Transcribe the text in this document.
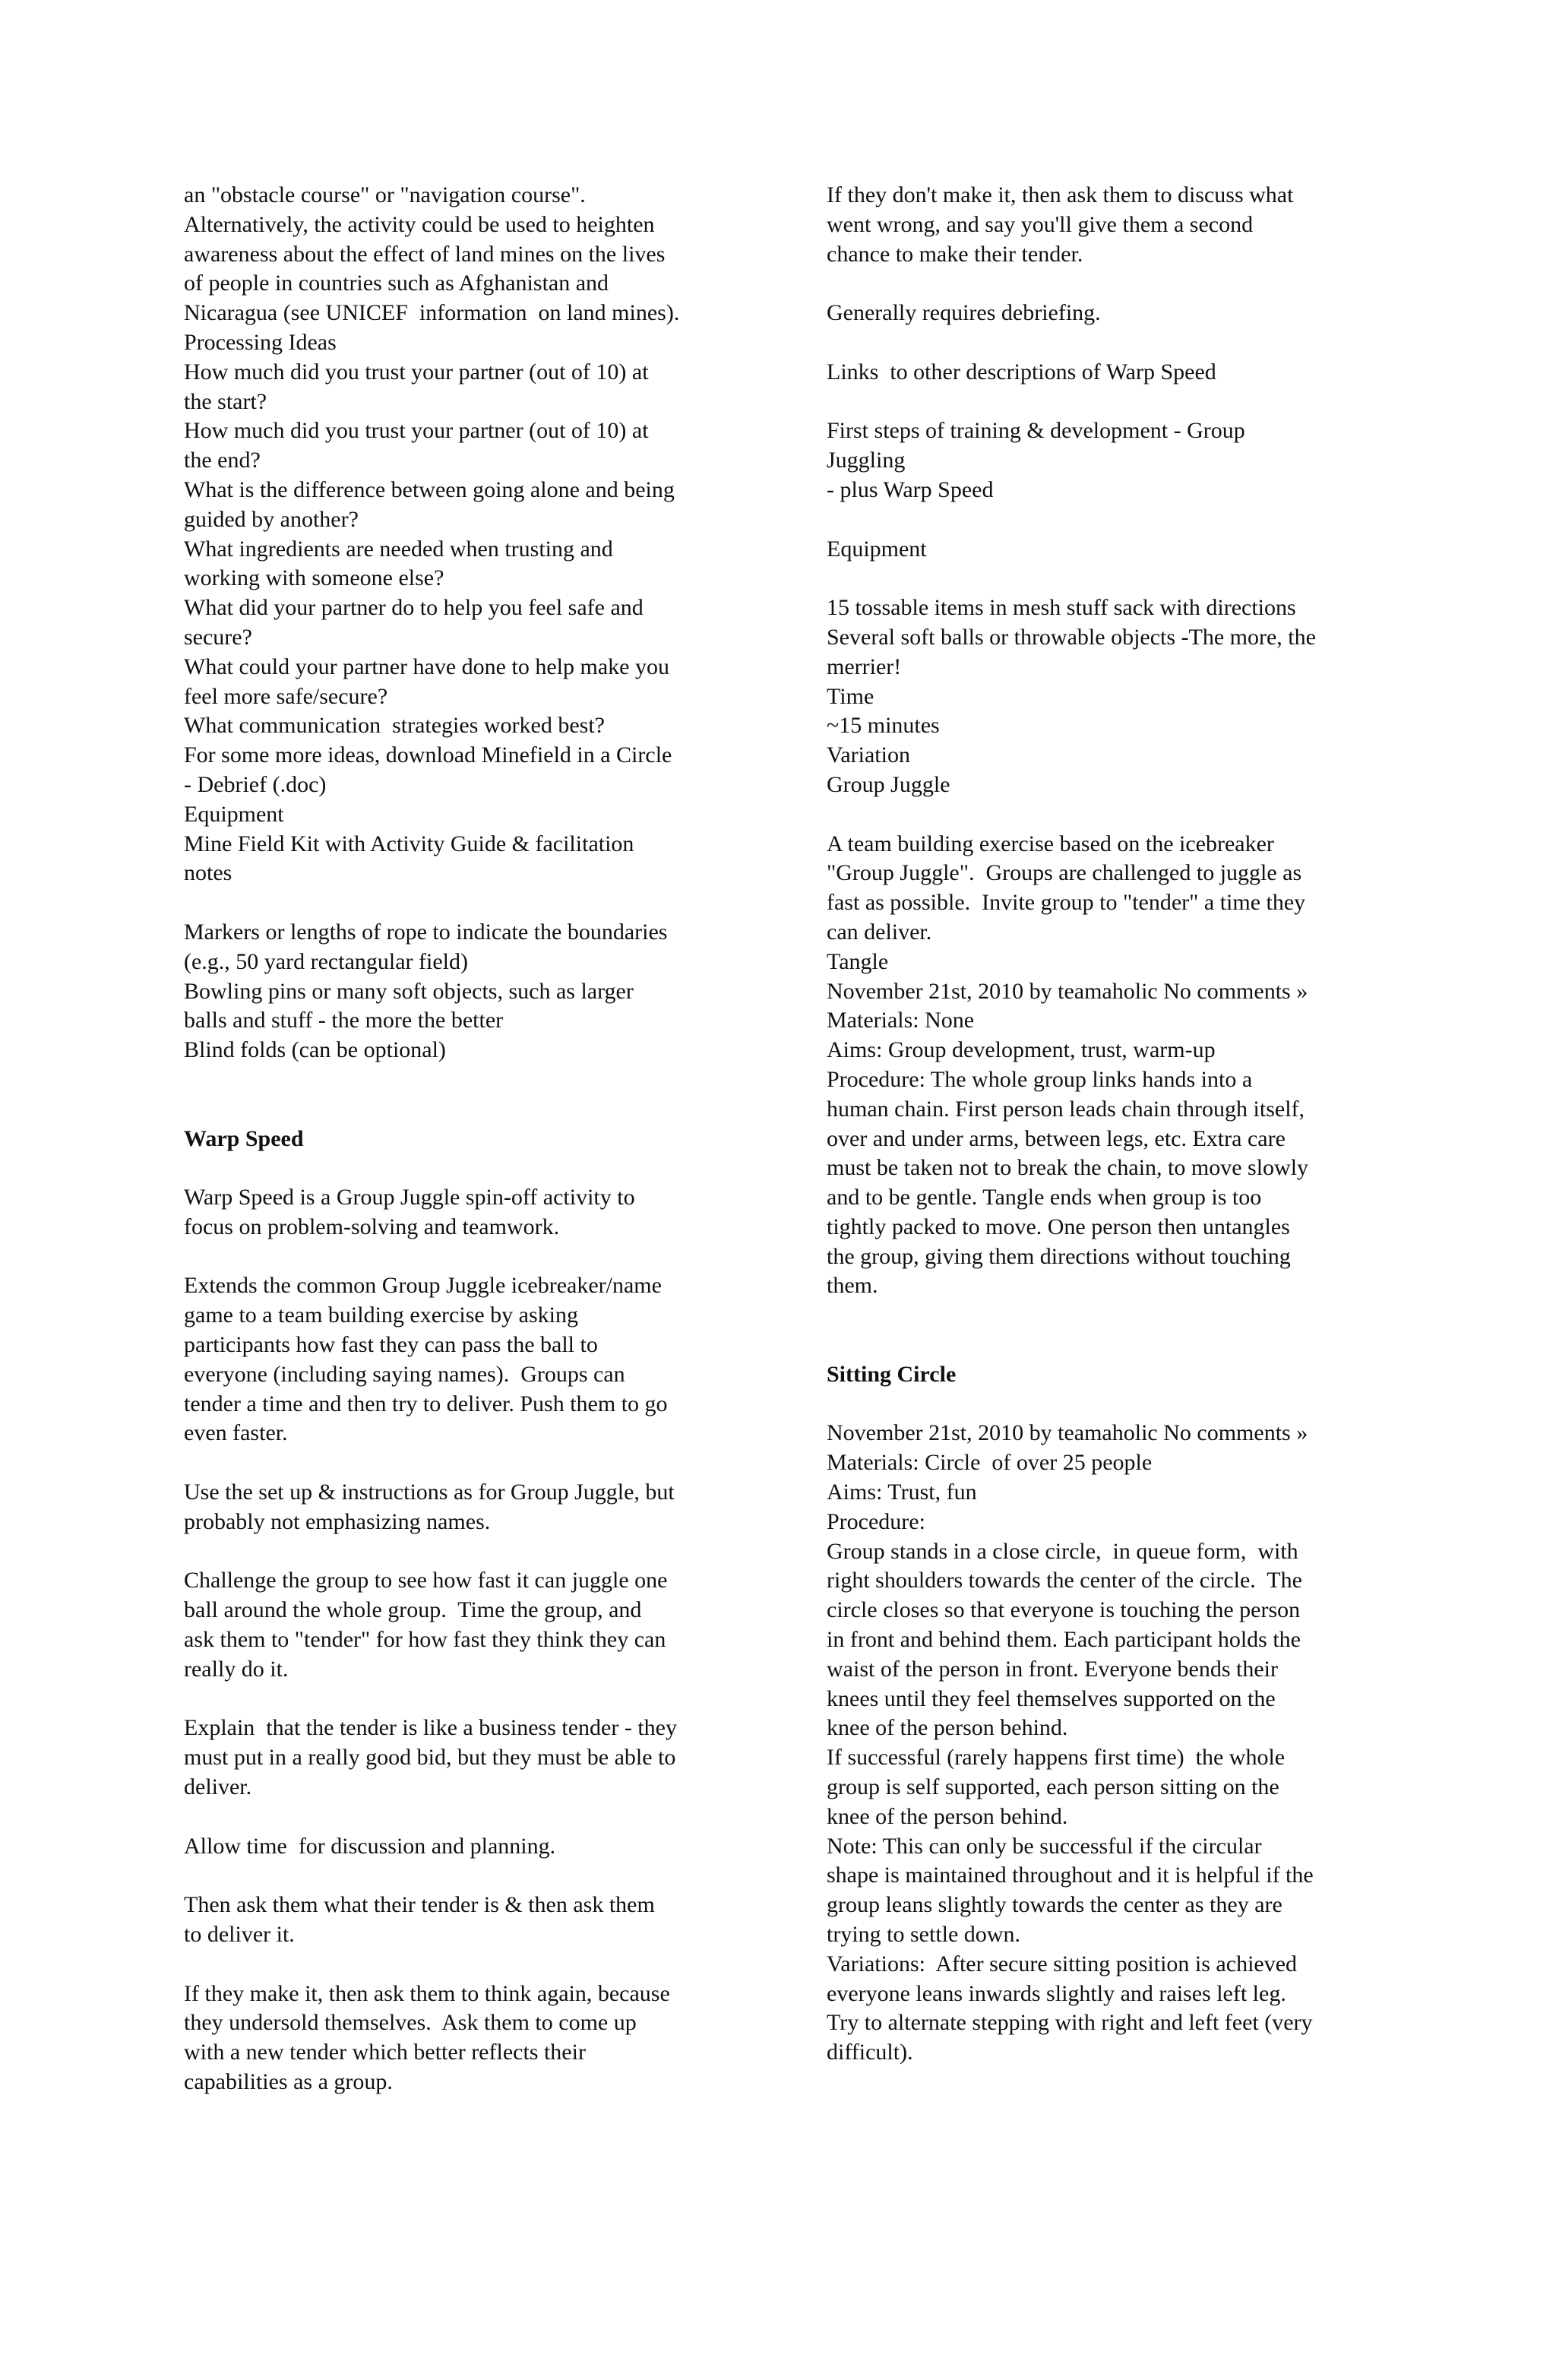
an "obstacle course" or "navigation course".
Alternatively, the activity could be used to heighten
awareness about the effect of land mines on the lives
of people in countries such as Afghanistan and
Nicaragua (see UNICEF  information  on land mines).
Processing Ideas
How much did you trust your partner (out of 10) at
the start?
How much did you trust your partner (out of 10) at
the end?
What is the difference between going alone and being
guided by another?
What ingredients are needed when trusting and
working with someone else?
What did your partner do to help you feel safe and
secure?
What could your partner have done to help make you
feel more safe/secure?
What communication  strategies worked best?
For some more ideas, download Minefield in a Circle
- Debrief (.doc)
Equipment
Mine Field Kit with Activity Guide & facilitation
notes
Markers or lengths of rope to indicate the boundaries
(e.g., 50 yard rectangular field)
Bowling pins or many soft objects, such as larger
balls and stuff - the more the better
Blind folds (can be optional)
Warp Speed
Warp Speed is a Group Juggle spin-off activity to
focus on problem-solving and teamwork.
Extends the common Group Juggle icebreaker/name
game to a team building exercise by asking
participants how fast they can pass the ball to
everyone (including saying names).  Groups can
tender a time and then try to deliver. Push them to go
even faster.
Use the set up & instructions as for Group Juggle, but
probably not emphasizing names.
Challenge the group to see how fast it can juggle one
ball around the whole group.  Time the group, and
ask them to "tender" for how fast they think they can
really do it.
Explain  that the tender is like a business tender - they
must put in a really good bid, but they must be able to
deliver.
Allow time  for discussion and planning.
Then ask them what their tender is & then ask them
to deliver it.
If they make it, then ask them to think again, because
they undersold themselves.  Ask them to come up
with a new tender which better reflects their
capabilities as a group.
If they don't make it, then ask them to discuss what
went wrong, and say you'll give them a second
chance to make their tender.
Generally requires debriefing.
Links  to other descriptions of Warp Speed
First steps of training & development - Group
Juggling
- plus Warp Speed
Equipment
15 tossable items in mesh stuff sack with directions
Several soft balls or throwable objects -The more, the
merrier!
Time
~15 minutes
Variation
Group Juggle
A team building exercise based on the icebreaker
"Group Juggle".  Groups are challenged to juggle as
fast as possible.  Invite group to "tender" a time they
can deliver.
Tangle
November 21st, 2010 by teamaholic No comments »
Materials: None
Aims: Group development, trust, warm-up
Procedure: The whole group links hands into a
human chain. First person leads chain through itself,
over and under arms, between legs, etc. Extra care
must be taken not to break the chain, to move slowly
and to be gentle. Tangle ends when group is too
tightly packed to move. One person then untangles
the group, giving them directions without touching
them.
Sitting Circle
November 21st, 2010 by teamaholic No comments »
Materials: Circle  of over 25 people
Aims: Trust, fun
Procedure:
Group stands in a close circle,  in queue form,  with
right shoulders towards the center of the circle.  The
circle closes so that everyone is touching the person
in front and behind them. Each participant holds the
waist of the person in front. Everyone bends their
knees until they feel themselves supported on the
knee of the person behind.
If successful (rarely happens first time)  the whole
group is self supported, each person sitting on the
knee of the person behind.
Note: This can only be successful if the circular
shape is maintained throughout and it is helpful if the
group leans slightly towards the center as they are
trying to settle down.
Variations:  After secure sitting position is achieved
everyone leans inwards slightly and raises left leg.
Try to alternate stepping with right and left feet (very
difficult).
